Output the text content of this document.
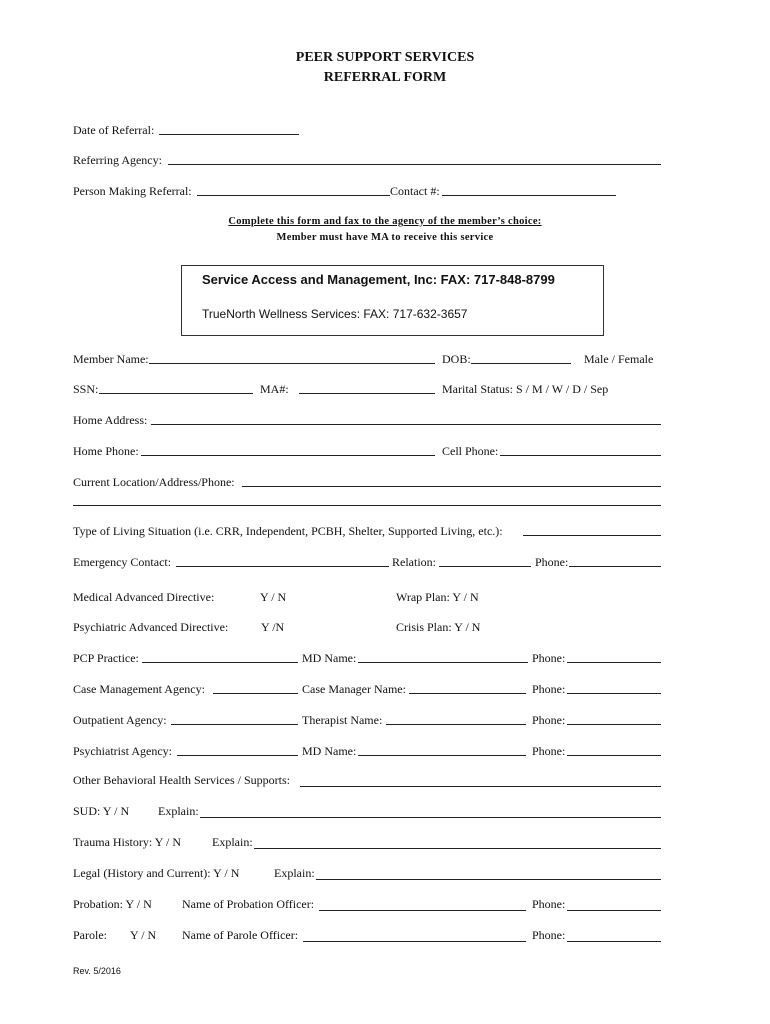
PEER SUPPORT SERVICES
REFERRAL FORM
Date of Referral:
Referring Agency:
Person Making Referral:	Contact #:
Complete this form and fax to the agency of the member’s choice:
Member must have MA to receive this service
Service Access and Management, Inc: FAX: 717-848-8799
TrueNorth Wellness Services: FAX: 717-632-3657
Member Name:	DOB:	Male / Female
SSN:	MA#:	Marital Status: S / M / W / D / Sep
Home Address:
Home Phone:	Cell Phone:
Current Location/Address/Phone:
Type of Living Situation (i.e. CRR, Independent, PCBH, Shelter, Supported Living, etc.):
Emergency Contact:	Relation:	Phone:
Medical Advanced Directive:	Y / N	Wrap Plan: Y / N
Psychiatric Advanced Directive:	Y /N	Crisis Plan: Y / N
PCP Practice:	MD Name:	Phone:
Case Management Agency:	Case Manager Name:	Phone:
Outpatient Agency:	Therapist Name:	Phone:
Psychiatrist Agency:	MD Name:	Phone:
Other Behavioral Health Services / Supports:
SUD: Y / N Explain:
Trauma History: Y / N	Explain:
Legal (History and Current): Y / N	Explain:
Probation: Y / N	Name of Probation Officer:	Phone:
Parole: Y / N Name of Parole Officer:	Phone:
Rev. 5/2016
